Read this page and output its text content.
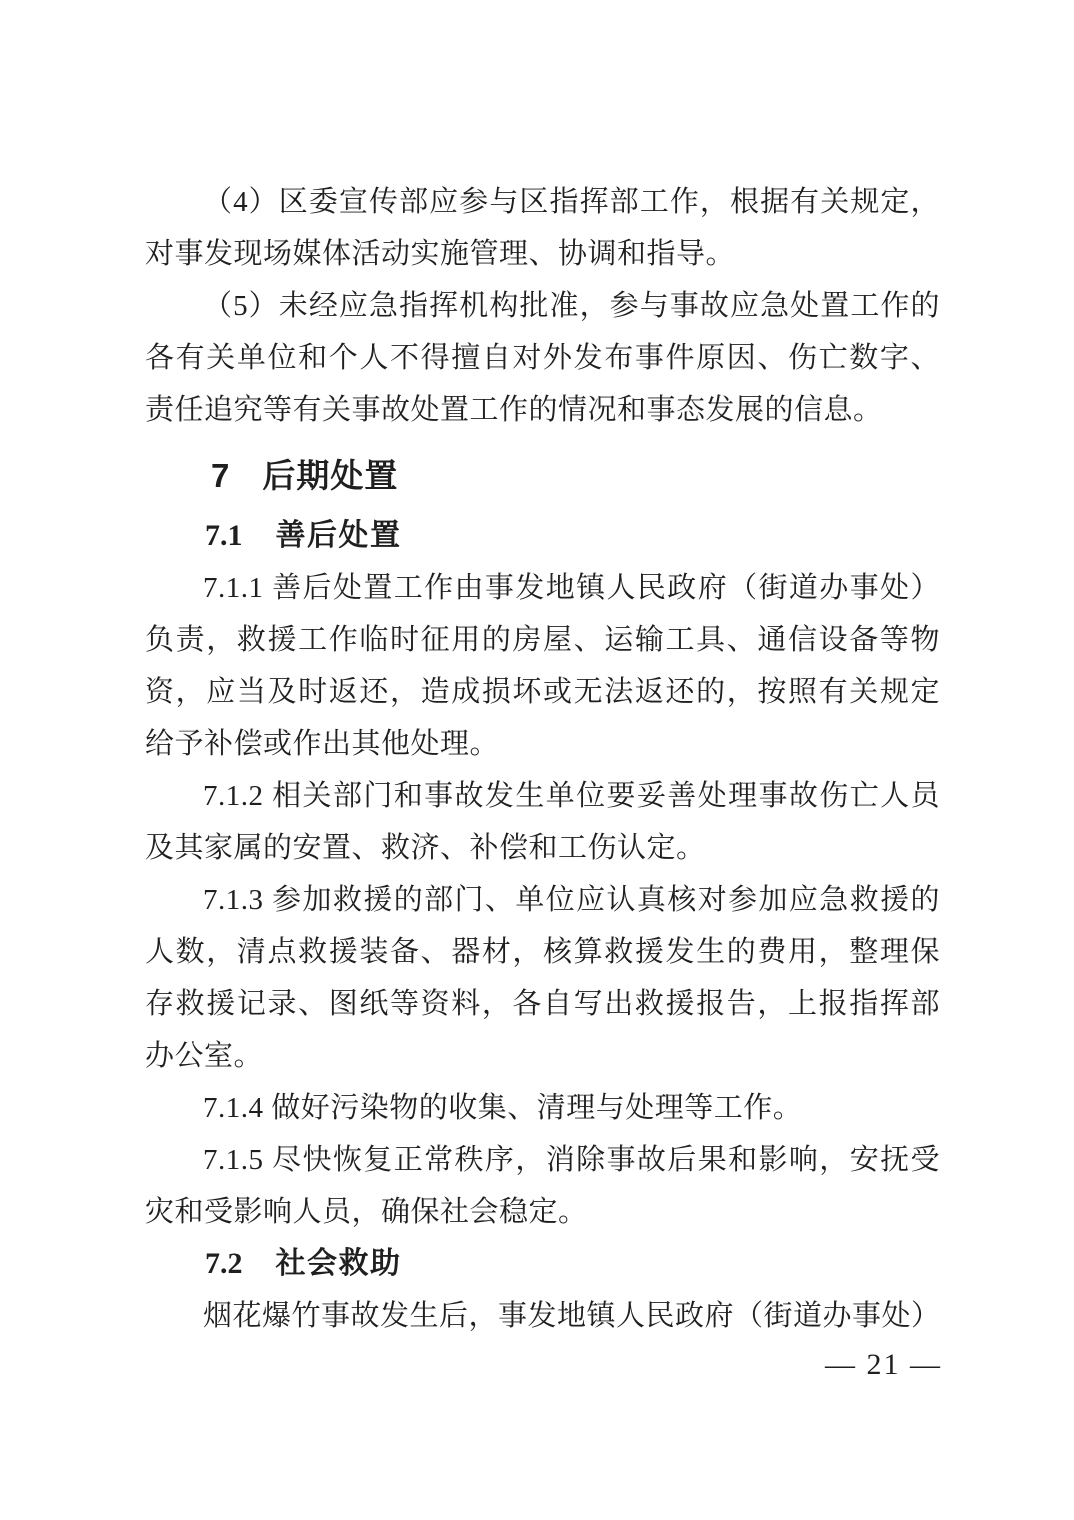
（4）区委宣传部应参与区指挥部工作，根据有关规定，对事发现场媒体活动实施管理、协调和指导。

（5）未经应急指挥机构批准，参与事故应急处置工作的各有关单位和个人不得擅自对外发布事件原因、伤亡数字、责任追究等有关事故处置工作的情况和事态发展的信息。

7 后期处置
7.1 善后处置

7.1.1 善后处置工作由事发地镇人民政府（街道办事处）负责，救援工作临时征用的房屋、运输工具、通信设备等物资，应当及时返还，造成损坏或无法返还的，按照有关规定给予补偿或作出其他处理。

7.1.2 相关部门和事故发生单位要妥善处理事故伤亡人员及其家属的安置、救济、补偿和工伤认定。

7.1.3 参加救援的部门、单位应认真核对参加应急救援的人数，清点救援装备、器材，核算救援发生的费用，整理保存救援记录、图纸等资料，各自写出救援报告，上报指挥部办公室。

7.1.4 做好污染物的收集、清理与处理等工作。

7.1.5 尽快恢复正常秩序，消除事故后果和影响，安抚受灾和受影响人员，确保社会稳定。

7.2 社会救助

烟花爆竹事故发生后，事发地镇人民政府（街道办事处）

— 21 —
